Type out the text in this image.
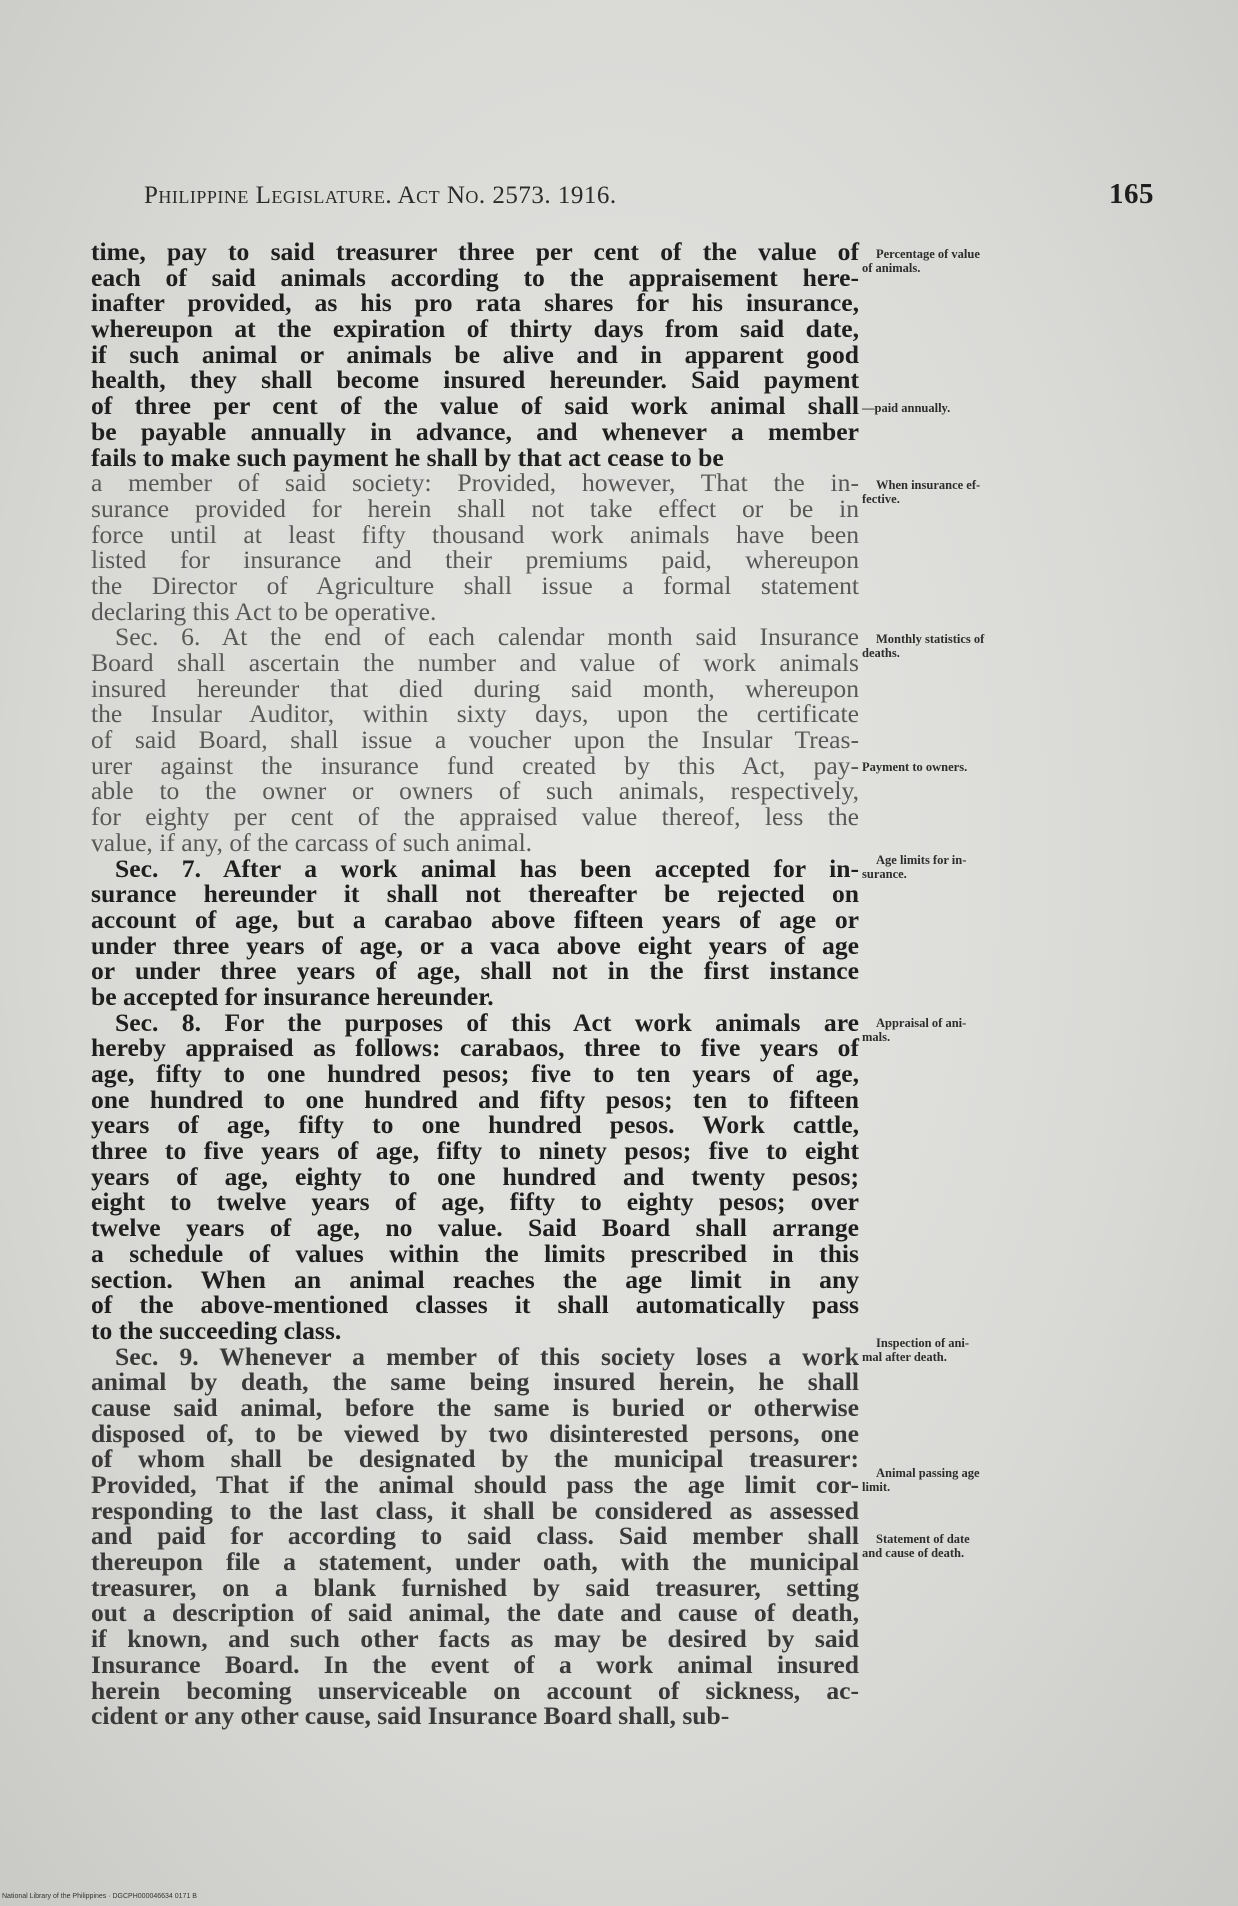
Philippine Legislature. Act No. 2573. 1916.	165
time, pay to said treasurer three per cent of the value of
each of said animals according to the appraisement here-
inafter provided, as his pro rata shares for his insurance,
whereupon at the expiration of thirty days from said date,
if such animal or animals be alive and in apparent good
health, they shall become insured hereunder. Said payment
of three per cent of the value of said work animal shall
be payable annually in advance, and whenever a member
fails to make such payment he shall by that act cease to be
a member of said society: Provided, however, That the in-
surance provided for herein shall not take effect or be in
force until at least fifty thousand work animals have been
listed for insurance and their premiums paid, whereupon
the Director of Agriculture shall issue a formal statement
declaring this Act to be operative.
Sec. 6. At the end of each calendar month said Insurance
Board shall ascertain the number and value of work animals
insured hereunder that died during said month, whereupon
the Insular Auditor, within sixty days, upon the certificate
of said Board, shall issue a voucher upon the Insular Treas-
urer against the insurance fund created by this Act, pay-
able to the owner or owners of such animals, respectively,
for eighty per cent of the appraised value thereof, less the
value, if any, of the carcass of such animal.
Sec. 7. After a work animal has been accepted for in-
surance hereunder it shall not thereafter be rejected on
account of age, but a carabao above fifteen years of age or
under three years of age, or a vaca above eight years of age
or under three years of age, shall not in the first instance
be accepted for insurance hereunder.
Sec. 8. For the purposes of this Act work animals are
hereby appraised as follows: carabaos, three to five years of
age, fifty to one hundred pesos; five to ten years of age,
one hundred to one hundred and fifty pesos; ten to fifteen
years of age, fifty to one hundred pesos. Work cattle,
three to five years of age, fifty to ninety pesos; five to eight
years of age, eighty to one hundred and twenty pesos;
eight to twelve years of age, fifty to eighty pesos; over
twelve years of age, no value. Said Board shall arrange
a schedule of values within the limits prescribed in this
section. When an animal reaches the age limit in any
of the above-mentioned classes it shall automatically pass
to the succeeding class.
Sec. 9. Whenever a member of this society loses a work
animal by death, the same being insured herein, he shall
cause said animal, before the same is buried or otherwise
disposed of, to be viewed by two disinterested persons, one
of whom shall be designated by the municipal treasurer:
Provided, That if the animal should pass the age limit cor-
responding to the last class, it shall be considered as assessed
and paid for according to said class. Said member shall
thereupon file a statement, under oath, with the municipal
treasurer, on a blank furnished by said treasurer, setting
out a description of said animal, the date and cause of death,
if known, and such other facts as may be desired by said
Insurance Board. In the event of a work animal insured
herein becoming unserviceable on account of sickness, ac-
cident or any other cause, said Insurance Board shall, sub-
Percentage of value
of animals.
—paid annually.
When insurance ef-
fective.
Monthly statistics of
deaths.
Payment to owners.
Age limits for in-
surance.
Appraisal of ani-
mals.
Inspection of ani-
mal after death.
Animal passing age
limit.
Statement of date
and cause of death.
National Library of the Philippines · DGCPH000046634 0171 B
